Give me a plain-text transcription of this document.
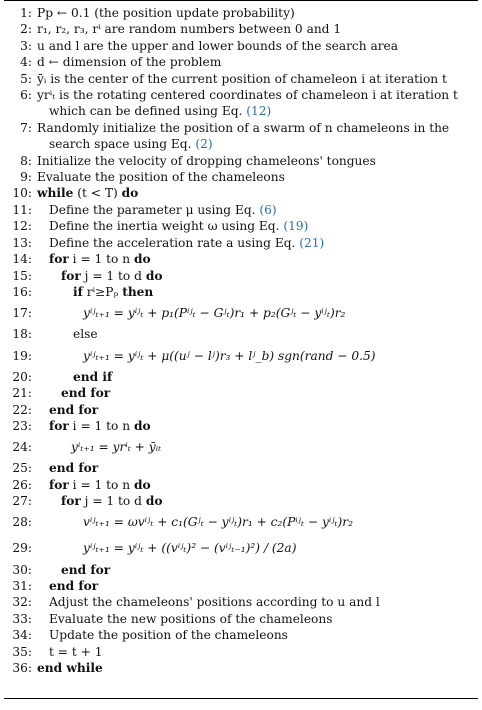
1: Pp ← 0.1 (the position update probability)
2: r₁, r₂, r₃, rⁱ are random numbers between 0 and 1
3: u and l are the upper and lower bounds of the search area
4: d ← dimension of the problem
5: ȳᵢ is the center of the current position of chameleon i at iteration t
6: yrⁱₜ is the rotating centered coordinates of chameleon i at iteration t which can be defined using Eq. (12)
7: Randomly initialize the position of a swarm of n chameleons in the search space using Eq. (2)
8: Initialize the velocity of dropping chameleons' tongues
9: Evaluate the position of the chameleons
10: while (t < T) do
11:	Define the parameter μ using Eq. (6)
12:	Define the inertia weight ω using Eq. (19)
13:	Define the acceleration rate a using Eq. (21)
14:	for i = 1 to n do
15:	for j = 1 to d do
16:	if rⁱ≥Pₚ then
17:	yⁱʲₜ₊₁ = yⁱʲₜ + p₁(Pⁱʲₜ − Gʲₜ)r₁ + p₂(Gʲₜ − yⁱʲₜ)r₂
18:	else
19:	yⁱʲₜ₊₁ = yⁱʲₜ + μ((uʲ − lʲ)r₃ + lʲ_b) sgn(rand − 0.5)
20:	end if
21:	end for
22:	end for
23:	for i = 1 to n do
24:	yⁱₜ₊₁ = yrⁱₜ + ȳᵢₜ
25:	end for
26:	for i = 1 to n do
27:	for j = 1 to d do
28:	vⁱʲₜ₊₁ = ωvⁱʲₜ + c₁(Gʲₜ − yⁱʲₜ)r₁ + c₂(Pⁱʲₜ − yⁱʲₜ)r₂
29:	yⁱʲₜ₊₁ = yⁱʲₜ + ((vⁱʲₜ)² − (vⁱʲₜ₋₁)²) / (2a)
30:	end for
31:	end for
32:	Adjust the chameleons' positions according to u and l
33:	Evaluate the new positions of the chameleons
34:	Update the position of the chameleons
35:	t = t + 1
36: end while
